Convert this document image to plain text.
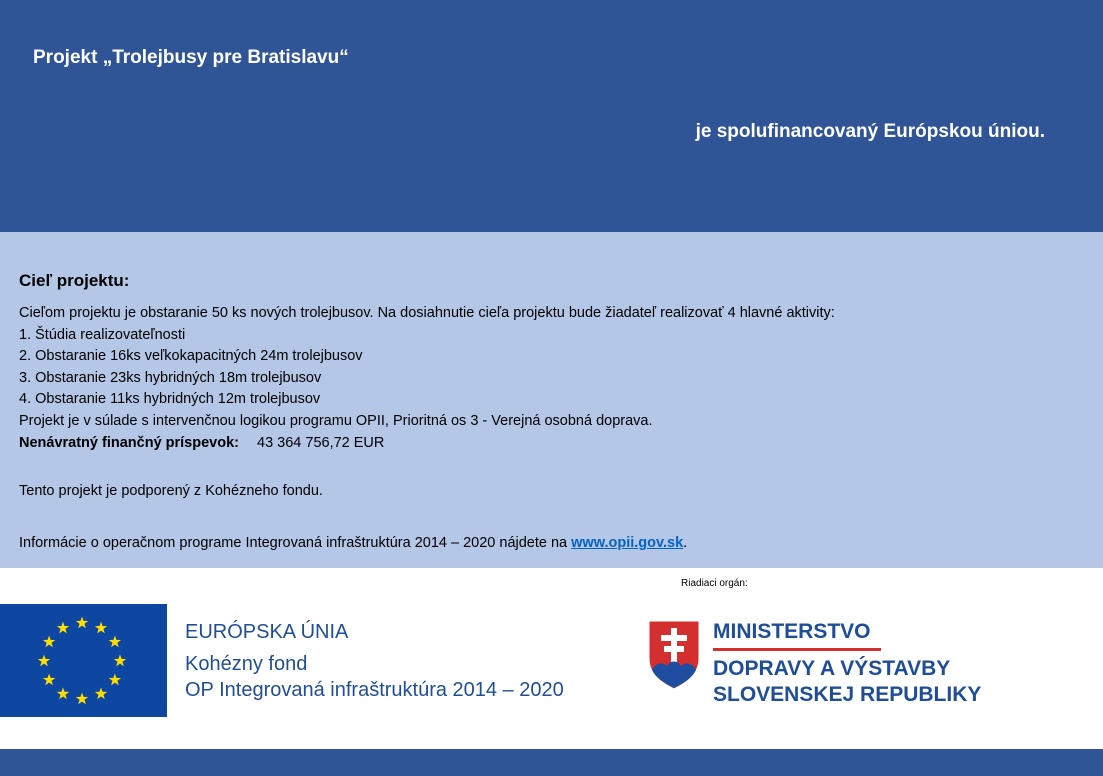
Projekt „Trolejbusy pre Bratislavu“
je spolufinancovaný Európskou úniou.
Cieľ projektu:
Cieľom projektu je obstaranie 50 ks nových trolejbusov. Na dosiahnutie cieľa projektu bude žiadateľ realizovať 4 hlavné aktivity:
1. Štúdia realizovateľnosti
2. Obstaranie 16ks veľkokapacitných 24m trolejbusov
3. Obstaranie 23ks hybridných 18m trolejbusov
4. Obstaranie 11ks hybridných 12m trolejbusov
Projekt je v súlade s intervenčnou logikou programu OPII, Prioritná os 3 - Verejná osobná doprava.
Nenávratný finančný príspevok: 43 364 756,72 EUR
Tento projekt je podporený z Kohézneho fondu.
Informácie o operačnom programe Integrovaná infraštruktúra 2014 – 2020 nájdete na www.opii.gov.sk.
Riadiaci orgán:
EURÓPSKA ÚNIA
Kohézny fond
OP Integrovaná infraštruktúra 2014 – 2020
MINISTERSTVO
DOPRAVY A VÝSTAVBY
SLOVENSKEJ REPUBLIKY
